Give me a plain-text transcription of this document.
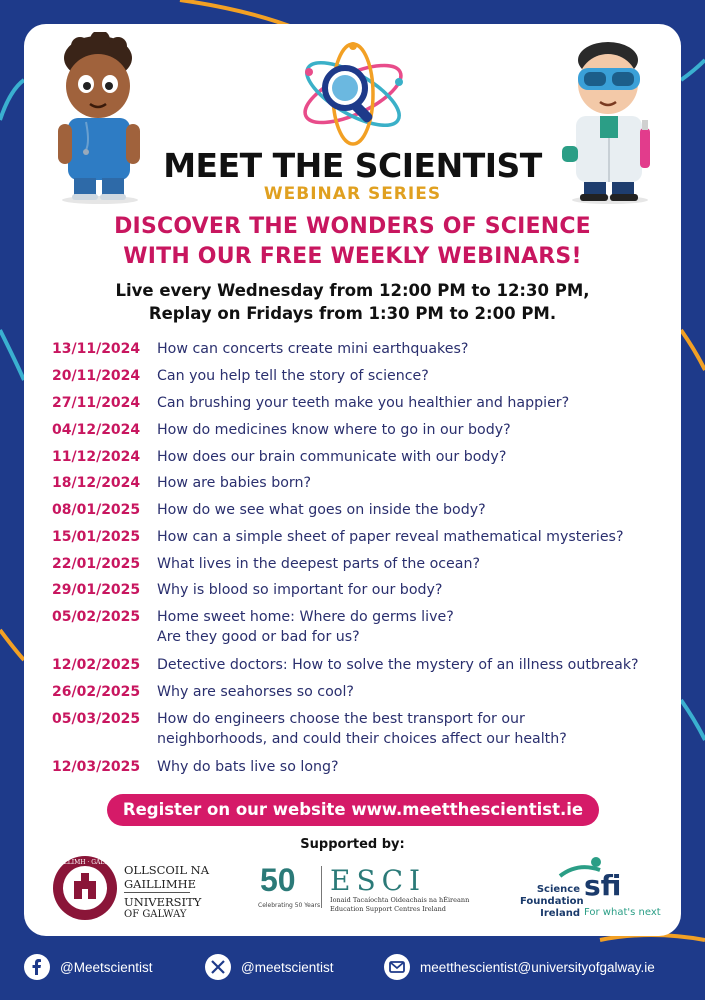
MEET THE SCIENTIST
WEBINAR SERIES
DISCOVER THE WONDERS OF SCIENCE
WITH OUR FREE WEEKLY WEBINARS!
Live every Wednesday from 12:00 PM to 12:30 PM,
Replay on Fridays from 1:30 PM to 2:00 PM.
13/11/2024	How can concerts create mini earthquakes?
20/11/2024	Can you help tell the story of science?
27/11/2024	Can brushing your teeth make you healthier and happier?
04/12/2024	How do medicines know where to go in our body?
11/12/2024	How does our brain communicate with our body?
18/12/2024	How are babies born?
08/01/2025	How do we see what goes on inside the body?
15/01/2025	How can a simple sheet of paper reveal mathematical mysteries?
22/01/2025	What lives in the deepest parts of the ocean?
29/01/2025	Why is blood so important for our body?
05/02/2025	Home sweet home: Where do germs live?
Are they good or bad for us?
12/02/2025	Detective doctors: How to solve the mystery of an illness outbreak?
26/02/2025	Why are seahorses so cool?
05/03/2025	How do engineers choose the best transport for our
neighborhoods, and could their choices affect our health?
12/03/2025	Why do bats live so long?
Register on our website www.meetthescientist.ie
Supported by:
GAILLIMH · GALWAY
OLLSCOIL NA
GAILLIMHE
UNIVERSITY
OF GALWAY
50
Celebrating 50 Years
ESCI
Ionaid Tacaíochta Oideachais na hÉireann
Education Support Centres Ireland
Science
Foundation
Ireland
sfi
For what's next
@Meetscientist	@meetscientist	meetthescientist@universityofgalway.ie
